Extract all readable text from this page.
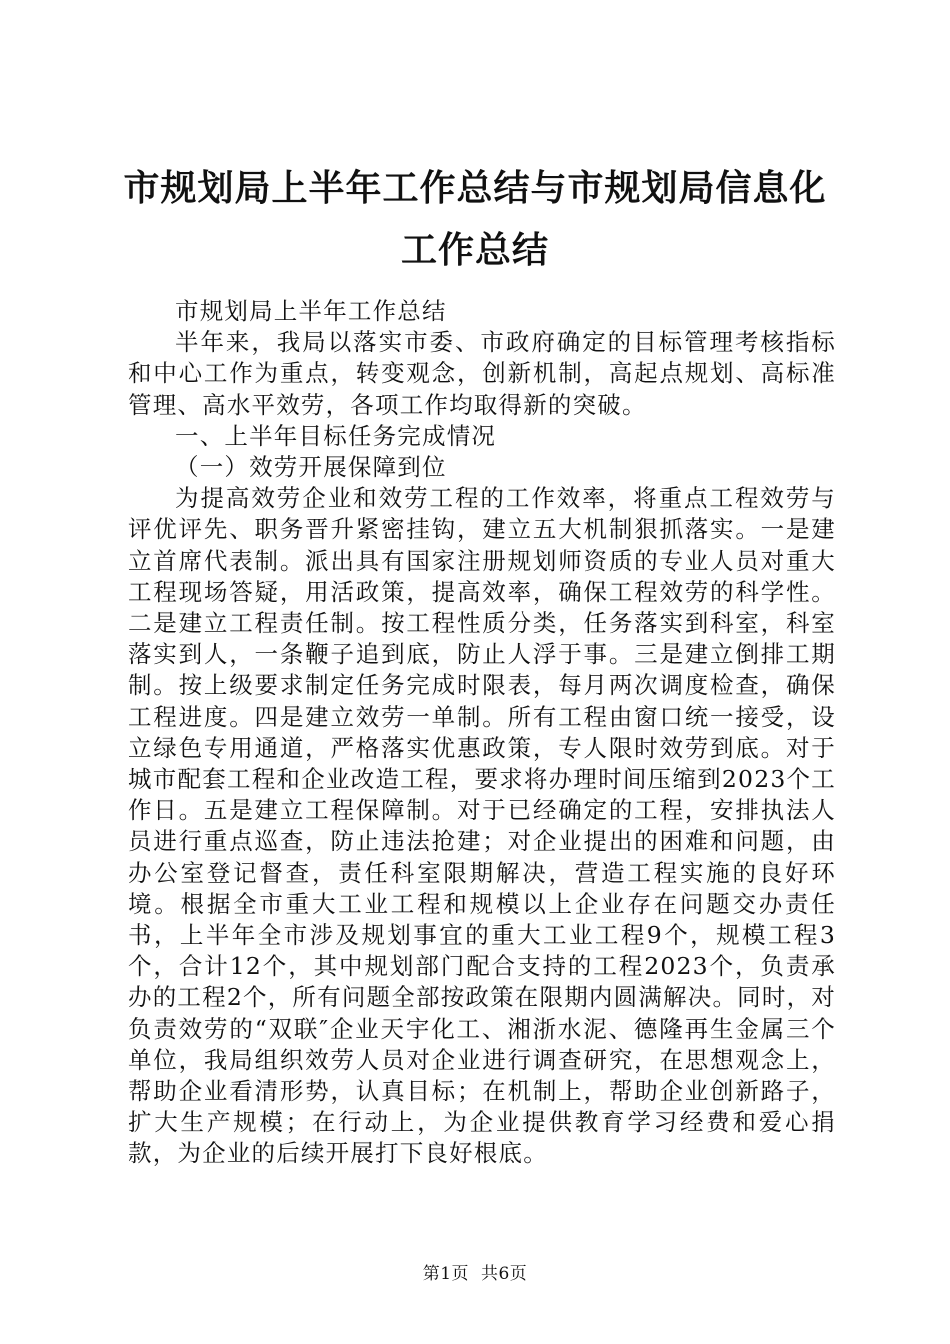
市规划局上半年工作总结与市规划局信息化工作总结

市规划局上半年工作总结

半年来，我局以落实市委、市政府确定的目标管理考核指标和中心工作为重点，转变观念，创新机制，高起点规划、高标准管理、高水平效劳，各项工作均取得新的突破。

一、上半年目标任务完成情况

（一）效劳开展保障到位

为提高效劳企业和效劳工程的工作效率，将重点工程效劳与评优评先、职务晋升紧密挂钩，建立五大机制狠抓落实。一是建立首席代表制。派出具有国家注册规划师资质的专业人员对重大工程现场答疑，用活政策，提高效率，确保工程效劳的科学性。二是建立工程责任制。按工程性质分类，任务落实到科室，科室落实到人，一条鞭子追到底，防止人浮于事。三是建立倒排工期制。按上级要求制定任务完成时限表，每月两次调度检查，确保工程进度。四是建立效劳一单制。所有工程由窗口统一接受，设立绿色专用通道，严格落实优惠政策，专人限时效劳到底。对于城市配套工程和企业改造工程，要求将办理时间压缩到2023个工作日。五是建立工程保障制。对于已经确定的工程，安排执法人员进行重点巡查，防止违法抢建；对企业提出的困难和问题，由办公室登记督查，责任科室限期解决，营造工程实施的良好环境。根据全市重大工业工程和规模以上企业存在问题交办责任书，上半年全市涉及规划事宜的重大工业工程9个，规模工程3个，合计12个，其中规划部门配合支持的工程2023个，负责承办的工程2个，所有问题全部按政策在限期内圆满解决。同时，对负责效劳的“双联″企业天宇化工、湘浙水泥、德隆再生金属三个单位，我局组织效劳人员对企业进行调查研究，在思想观念上，帮助企业看清形势，认真目标；在机制上，帮助企业创新路子，扩大生产规模；在行动上，为企业提供教育学习经费和爱心捐款，为企业的后续开展打下良好根底。

第1页 共6页
